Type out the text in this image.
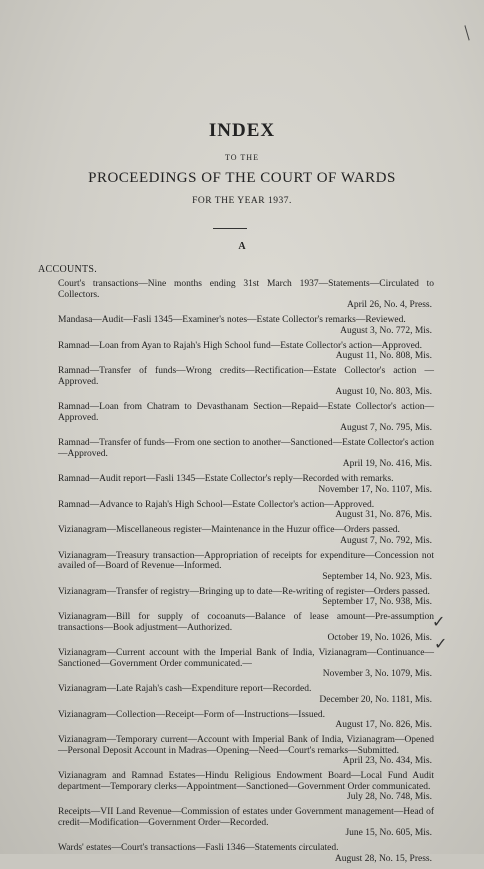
/
INDEX
TO THE
PROCEEDINGS OF THE COURT OF WARDS
FOR THE YEAR 1937.
A
ACCOUNTS.
Court's transactions—Nine months ending 31st March 1937—Statements—Circulated to Collectors.
April 26, No. 4, Press.
Mandasa—Audit—Fasli 1345—Examiner's notes—Estate Collector's remarks—Reviewed.
August 3, No. 772, Mis.
Ramnad—Loan from Ayan to Rajah's High School fund—Estate Collector's action—Approved.
August 11, No. 808, Mis.
Ramnad—Transfer of funds—Wrong credits—Rectification—Estate Collector's action —Approved.
August 10, No. 803, Mis.
Ramnad—Loan from Chatram to Devasthanam Section—Repaid—Estate Collector's action—Approved.
August 7, No. 795, Mis.
Ramnad—Transfer of funds—From one section to another—Sanctioned—Estate Collector's action—Approved.
April 19, No. 416, Mis.
Ramnad—Audit report—Fasli 1345—Estate Collector's reply—Recorded with remarks.
November 17, No. 1107, Mis.
Ramnad—Advance to Rajah's High School—Estate Collector's action—Approved.
August 31, No. 876, Mis.
Vizianagram—Miscellaneous register—Maintenance in the Huzur office—Orders passed.
August 7, No. 792, Mis.
Vizianagram—Treasury transaction—Appropriation of receipts for expenditure—Concession not availed of—Board of Revenue—Informed.
September 14, No. 923, Mis.
Vizianagram—Transfer of registry—Bringing up to date—Re-writing of register—Orders passed.
September 17, No. 938, Mis.
Vizianagram—Bill for supply of cocoanuts—Balance of lease amount—Pre-assumption transactions—Book adjustment—Authorized.
October 19, No. 1026, Mis.
Vizianagram—Current account with the Imperial Bank of India, Vizianagram—Continuance—Sanctioned—Government Order communicated.—
November 3, No. 1079, Mis.
Vizianagram—Late Rajah's cash—Expenditure report—Recorded.
December 20, No. 1181, Mis.
Vizianagram—Collection—Receipt—Form of—Instructions—Issued.
August 17, No. 826, Mis.
Vizianagram—Temporary current—Account with Imperial Bank of India, Vizianagram—Opened—Personal Deposit Account in Madras—Opening—Need—Court's remarks—Submitted.
April 23, No. 434, Mis.
Vizianagram and Ramnad Estates—Hindu Religious Endowment Board—Local Fund Audit department—Temporary clerks—Appointment—Sanctioned—Government Order communicated.
July 28, No. 748, Mis.
Receipts—VII Land Revenue—Commission of estates under Government management—Head of credit—Modification—Government Order—Recorded.
June 15, No. 605, Mis.
Wards' estates—Court's transactions—Fasli 1346—Statements circulated.
August 28, No. 15, Press.
✓
✓
